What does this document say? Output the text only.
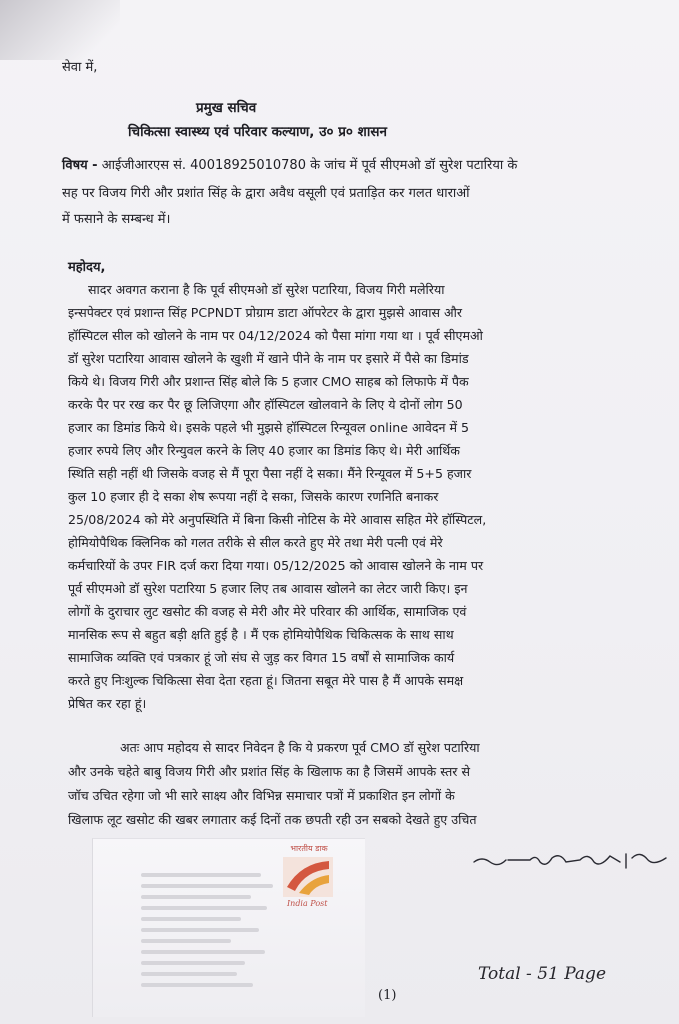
सेवा में,
प्रमुख सचिव
चिकित्सा स्वास्थ्य एवं परिवार कल्याण, उ० प्र० शासन
विषय - आईजीआरएस सं. 40018925010780 के जांच में पूर्व सीएमओ डॉ सुरेश पटारिया के
सह पर विजय गिरी और प्रशांत सिंह के द्वारा अवैध वसूली एवं प्रताड़ित कर गलत धाराओं
में फसाने के सम्बन्ध में।
महोदय,
सादर अवगत कराना है कि पूर्व सीएमओ डॉ सुरेश पटारिया, विजय गिरी मलेरिया
इन्सपेक्टर एवं प्रशान्त सिंह PCPNDT प्रोग्राम डाटा ऑपरेटर के द्वारा मुझसे आवास और
हॉस्पिटल सील को खोलने के नाम पर 04/12/2024 को पैसा मांगा गया था । पूर्व सीएमओ
डॉ सुरेश पटारिया आवास खोलने के खुशी में खाने पीने के नाम पर इसारे में पैसे का डिमांड
किये थे। विजय गिरी और प्रशान्त सिंह बोले कि 5 हजार CMO साहब को लिफाफे में पैक
करके पैर पर रख कर पैर छू लिजिएगा और हॉस्पिटल खोलवाने के लिए ये दोनों लोग 50
हजार का डिमांड किये थे। इसके पहले भी मुझसे हॉस्पिटल रिन्यूवल online आवेदन में 5
हजार रुपये लिए और रिन्युवल करने के लिए 40 हजार का डिमांड किए थे। मेरी आर्थिक
स्थिति सही नहीं थी जिसके वजह से मैं पूरा पैसा नहीं दे सका। मैंने रिन्यूवल में 5+5 हजार
कुल 10 हजार ही दे सका शेष रूपया नहीं दे सका, जिसके कारण रणनिति बनाकर
25/08/2024 को मेरे अनुपस्थिति में बिना किसी नोटिस के मेरे आवास सहित मेरे हॉस्पिटल,
होमियोपैथिक क्लिनिक को गलत तरीके से सील करते हुए मेरे तथा मेरी पत्नी एवं मेरे
कर्मचारियों के उपर FIR दर्ज करा दिया गया। 05/12/2025 को आवास खोलने के नाम पर
पूर्व सीएमओ डॉ सुरेश पटारिया 5 हजार लिए तब आवास खोलने का लेटर जारी किए। इन
लोगों के दुराचार लुट खसोट की वजह से मेरी और मेरे परिवार की आर्थिक, सामाजिक एवं
मानसिक रूप से बहुत बड़ी क्षति हुई है । मैं एक होमियोपैथिक चिकित्सक के साथ साथ
सामाजिक व्यक्ति एवं पत्रकार हूं जो संघ से जुड़ कर विगत 15 वर्षों से सामाजिक कार्य
करते हुए निःशुल्क चिकित्सा सेवा देता रहता हूं। जितना सबूत मेरे पास है मैं आपके समक्ष
प्रेषित कर रहा हूं।
अतः आप महोदय से सादर निवेदन है कि ये प्रकरण पूर्व CMO डॉ सुरेश पटारिया
और उनके चहेते बाबु विजय गिरी और प्रशांत सिंह के खिलाफ का है जिसमें आपके स्तर से
जॉच उचित रहेगा जो भी सारे साक्ष्य और विभिन्न समाचार पत्रों में प्रकाशित इन लोगों के
खिलाफ लूट खसोट की खबर लगातार कई दिनों तक छपती रही उन सबको देखते हुए उचित
भारतीय डाक
India Post
(1)
Total - 51 Page
